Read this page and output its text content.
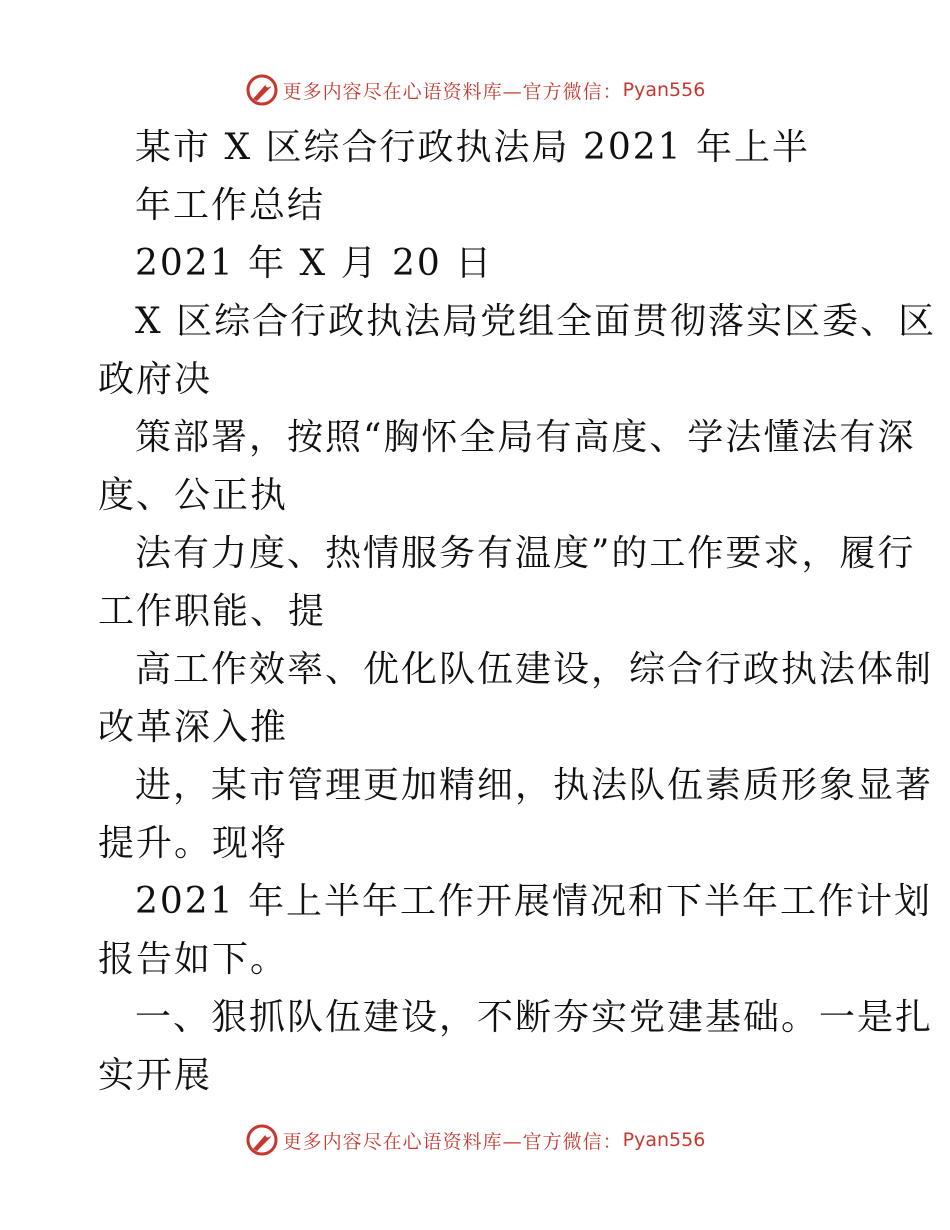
更多内容尽在心语资料库—官方微信： Pyan556
某市 X 区综合行政执法局 2021 年上半
年工作总结
2021 年 X 月 20 日
X 区综合行政执法局党组全面贯彻落实区委、区
政府决
策部署，按照“胸怀全局有高度、学法懂法有深
度、公正执
法有力度、热情服务有温度”的工作要求，履行
工作职能、提
高工作效率、优化队伍建设，综合行政执法体制
改革深入推
进，某市管理更加精细，执法队伍素质形象显著
提升。现将
2021 年上半年工作开展情况和下半年工作计划
报告如下。
一、狠抓队伍建设，不断夯实党建基础。一是扎
实开展
更多内容尽在心语资料库—官方微信： Pyan556
